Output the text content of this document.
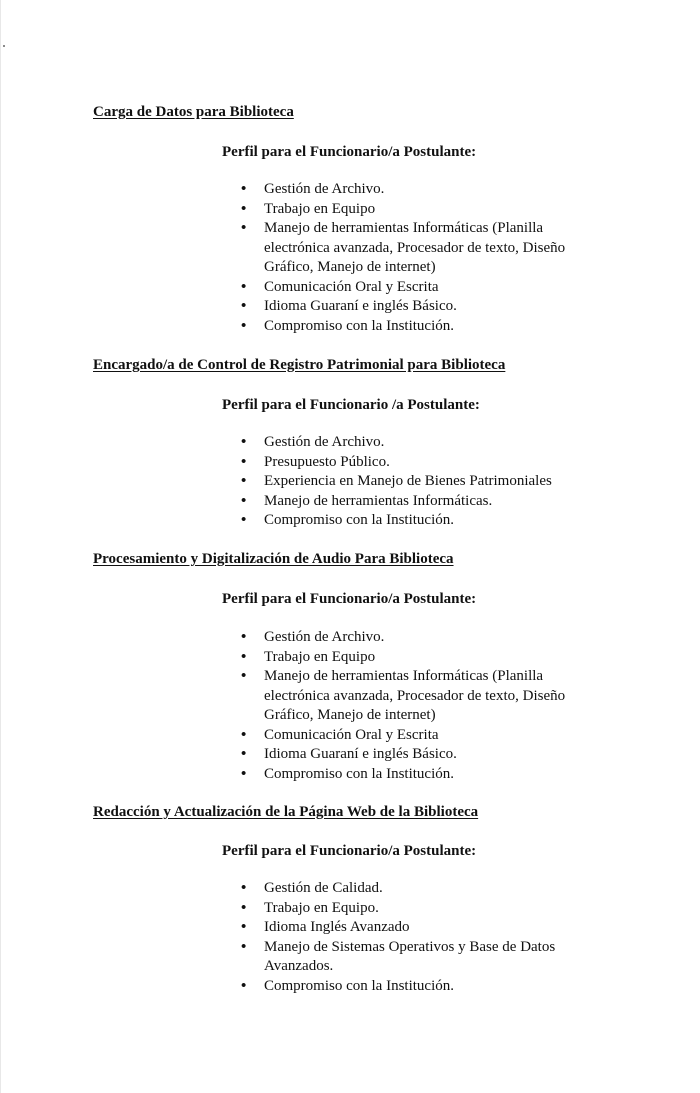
Carga de Datos para Biblioteca
Perfil para el Funcionario/a Postulante:
• Gestión de Archivo.
• Trabajo en Equipo
• Manejo de herramientas Informáticas (Planilla electrónica avanzada, Procesador de texto, Diseño Gráfico, Manejo de internet)
• Comunicación Oral y Escrita
• Idioma Guaraní e inglés Básico.
• Compromiso con la Institución.
Encargado/a de Control de Registro Patrimonial para Biblioteca
Perfil para el Funcionario /a Postulante:
• Gestión de Archivo.
• Presupuesto Público.
• Experiencia en Manejo de Bienes Patrimoniales
• Manejo de herramientas Informáticas.
• Compromiso con la Institución.
Procesamiento y Digitalización de Audio Para Biblioteca
Perfil para el Funcionario/a Postulante:
• Gestión de Archivo.
• Trabajo en Equipo
• Manejo de herramientas Informáticas (Planilla electrónica avanzada, Procesador de texto, Diseño Gráfico, Manejo de internet)
• Comunicación Oral y Escrita
• Idioma Guaraní e inglés Básico.
• Compromiso con la Institución.
Redacción y Actualización de la Página Web de la Biblioteca
Perfil para el Funcionario/a Postulante:
• Gestión de Calidad.
• Trabajo en Equipo.
• Idioma Inglés Avanzado
• Manejo de Sistemas Operativos y Base de Datos Avanzados.
• Compromiso con la Institución.
